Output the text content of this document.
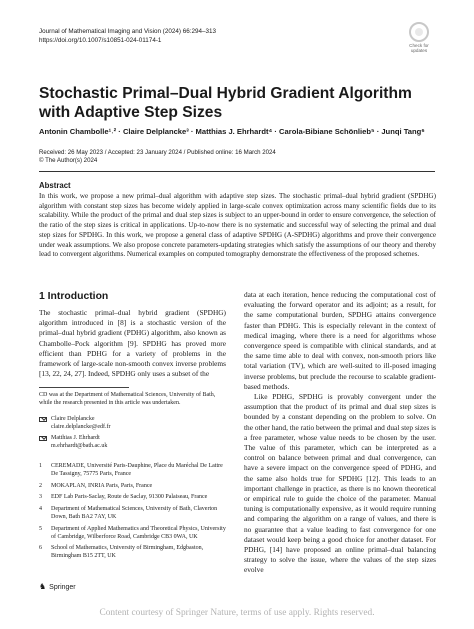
Journal of Mathematical Imaging and Vision (2024) 66:294–313
https://doi.org/10.1007/s10851-024-01174-1
Check for updates
Stochastic Primal–Dual Hybrid Gradient Algorithm with Adaptive Step Sizes
Antonin Chambolle¹˒² · Claire Delplancke³ · Matthias J. Ehrhardt⁴ · Carola-Bibiane Schönlieb⁵ · Junqi Tang⁶
Received: 26 May 2023 / Accepted: 23 January 2024 / Published online: 16 March 2024
© The Author(s) 2024
Abstract
In this work, we propose a new primal–dual algorithm with adaptive step sizes. The stochastic primal–dual hybrid gradient (SPDHG) algorithm with constant step sizes has become widely applied in large-scale convex optimization across many scientific fields due to its scalability. While the product of the primal and dual step sizes is subject to an upper-bound in order to ensure convergence, the selection of the ratio of the step sizes is critical in applications. Up-to-now there is no systematic and successful way of selecting the primal and dual step sizes for SPDHG. In this work, we propose a general class of adaptive SPDHG (A-SPDHG) algorithms and prove their convergence under weak assumptions. We also propose concrete parameters-updating strategies which satisfy the assumptions of our theory and thereby lead to convergent algorithms. Numerical examples on computed tomography demonstrate the effectiveness of the proposed schemes.
1 Introduction

The stochastic primal–dual hybrid gradient (SPDHG) algorithm introduced in [8] is a stochastic version of the primal–dual hybrid gradient (PDHG) algorithm, also known as Chambolle–Pock algorithm [9]. SPDHG has proved more efficient than PDHG for a variety of problems in the framework of large-scale non-smooth convex inverse problems [13, 22, 24, 27]. Indeed, SPDHG only uses a subset of the

data at each iteration, hence reducing the computational cost of evaluating the forward operator and its adjoint; as a result, for the same computational burden, SPDHG attains convergence faster than PDHG. This is especially relevant in the context of medical imaging, where there is a need for algorithms whose convergence speed is compatible with clinical standards, and at the same time able to deal with convex, non-smooth priors like total variation (TV), which are well-suited to ill-posed imaging inverse problems, but preclude the recourse to scalable gradient-based methods.

Like PDHG, SPDHG is provably convergent under the assumption that the product of its primal and dual step sizes is bounded by a constant depending on the problem to solve. On the other hand, the ratio between the primal and dual step sizes is a free parameter, whose value needs to be chosen by the user. The value of this parameter, which can be interpreted as a control on balance between primal and dual convergence, can have a severe impact on the convergence speed of PDHG, and the same also holds true for SPDHG [12]. This leads to an important challenge in practice, as there is no known theoretical or empirical rule to guide the choice of the parameter. Manual tuning is computationally expensive, as it would require running and comparing the algorithm on a range of values, and there is no guarantee that a value leading to fast convergence for one dataset would keep being a good choice for another dataset. For PDHG, [14] have proposed an online primal–dual balancing strategy to solve the issue, where the values of the step sizes evolve

CD was at the Department of Mathematical Sciences, University of Bath, while the research presented in this article was undertaken.
Claire Delplancke
claire.delplancke@edf.fr
Matthias J. Ehrhardt
m.ehrhardt@bath.ac.uk
1 CEREMADE, Université Paris-Dauphine, Place du Maréchal De Lattre De Tassigny, 75775 Paris, France
2 MOKAPLAN, INRIA Paris, Paris, France
3 EDF Lab Paris-Saclay, Route de Saclay, 91300 Palaiseau, France
4 Department of Mathematical Sciences, University of Bath, Claverton Down, Bath BA2 7AY, UK
5 Department of Applied Mathematics and Theoretical Physics, University of Cambridge, Wilberforce Road, Cambridge CB3 0WA, UK
6 School of Mathematics, University of Birmingham, Edgbaston, Birmingham B15 2TT, UK
♞ Springer
Content courtesy of Springer Nature, terms of use apply. Rights reserved.
